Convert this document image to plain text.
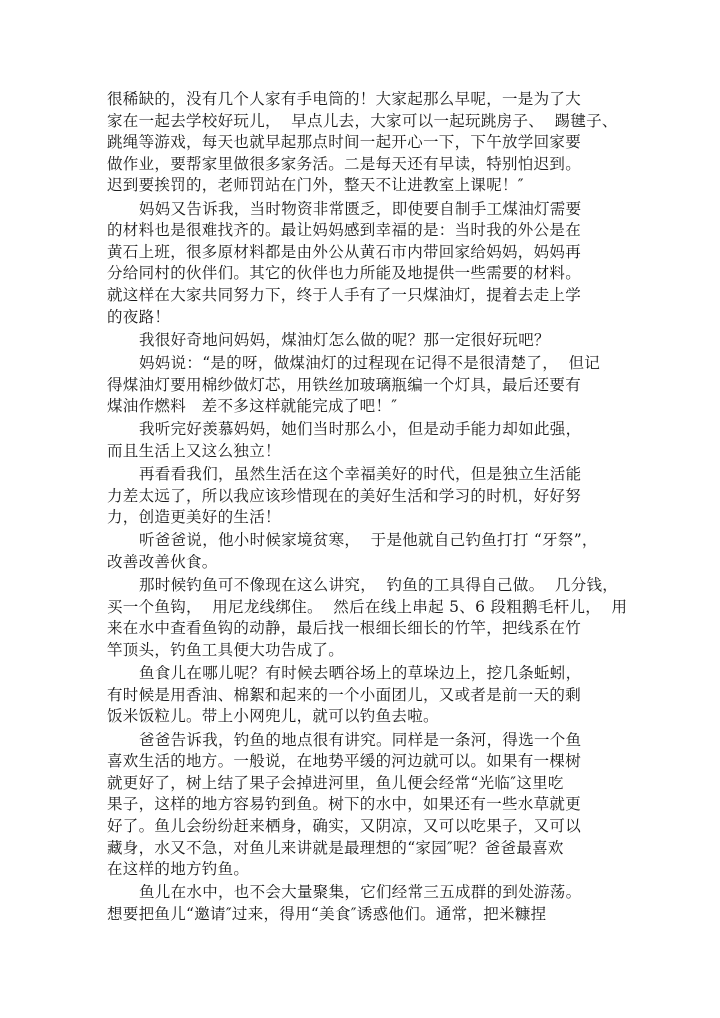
很稀缺的，没有几个人家有手电筒的！大家起那么早呢，一是为了大
家在一起去学校好玩儿，  早点儿去，大家可以一起玩跳房子、  踢毽子、
跳绳等游戏，每天也就早起那点时间一起开心一下，下午放学回家要
做作业，要帮家里做很多家务活。二是每天还有早读，特别怕迟到。
迟到要挨罚的，老师罚站在门外，整天不让进教室上课呢！″
妈妈又告诉我，当时物资非常匮乏，即使要自制手工煤油灯需要
的材料也是很难找齐的。最让妈妈感到幸福的是：当时我的外公是在
黄石上班，很多原材料都是由外公从黄石市内带回家给妈妈，妈妈再
分给同村的伙伴们。其它的伙伴也力所能及地提供一些需要的材料。
就这样在大家共同努力下，终于人手有了一只煤油灯，提着去走上学
的夜路！
我很好奇地问妈妈，煤油灯怎么做的呢？那一定很好玩吧？
妈妈说：“是的呀，做煤油灯的过程现在记得不是很清楚了，  但记
得煤油灯要用棉纱做灯芯，用铁丝加玻璃瓶编一个灯具，最后还要有
煤油作燃料   差不多这样就能完成了吧！″
我听完好羡慕妈妈，她们当时那么小，但是动手能力却如此强，
而且生活上又这么独立！
再看看我们，虽然生活在这个幸福美好的时代，但是独立生活能
力差太远了，所以我应该珍惜现在的美好生活和学习的时机，好好努
力，创造更美好的生活！
听爸爸说，他小时候家境贫寒，  于是他就自己钓鱼打打 “牙祭”，
改善改善伙食。
那时候钓鱼可不像现在这么讲究，  钓鱼的工具得自己做。  几分钱，
买一个鱼钩，  用尼龙线绑住。  然后在线上串起 5、6 段粗鹅毛杆儿，  用
来在水中查看鱼钩的动静，最后找一根细长细长的竹竿，把线系在竹
竿顶头，钓鱼工具便大功告成了。
鱼食儿在哪儿呢？有时候去晒谷场上的草垛边上，挖几条蚯蚓，
有时候是用香油、棉絮和起来的一个小面团儿，又或者是前一天的剩
饭米饭粒儿。带上小网兜儿，就可以钓鱼去啦。
爸爸告诉我，钓鱼的地点很有讲究。同样是一条河，得选一个鱼
喜欢生活的地方。一般说，在地势平缓的河边就可以。如果有一棵树
就更好了，树上结了果子会掉进河里，鱼儿便会经常“光临″这里吃
果子，这样的地方容易钓到鱼。树下的水中，如果还有一些水草就更
好了。鱼儿会纷纷赶来栖身，确实，又阴凉，又可以吃果子，又可以
藏身，水又不急，对鱼儿来讲就是最理想的“家园″呢？爸爸最喜欢
在这样的地方钓鱼。
鱼儿在水中，也不会大量聚集，它们经常三五成群的到处游荡。
想要把鱼儿“邀请″过来，得用“美食″诱惑他们。通常，把米糠捏
